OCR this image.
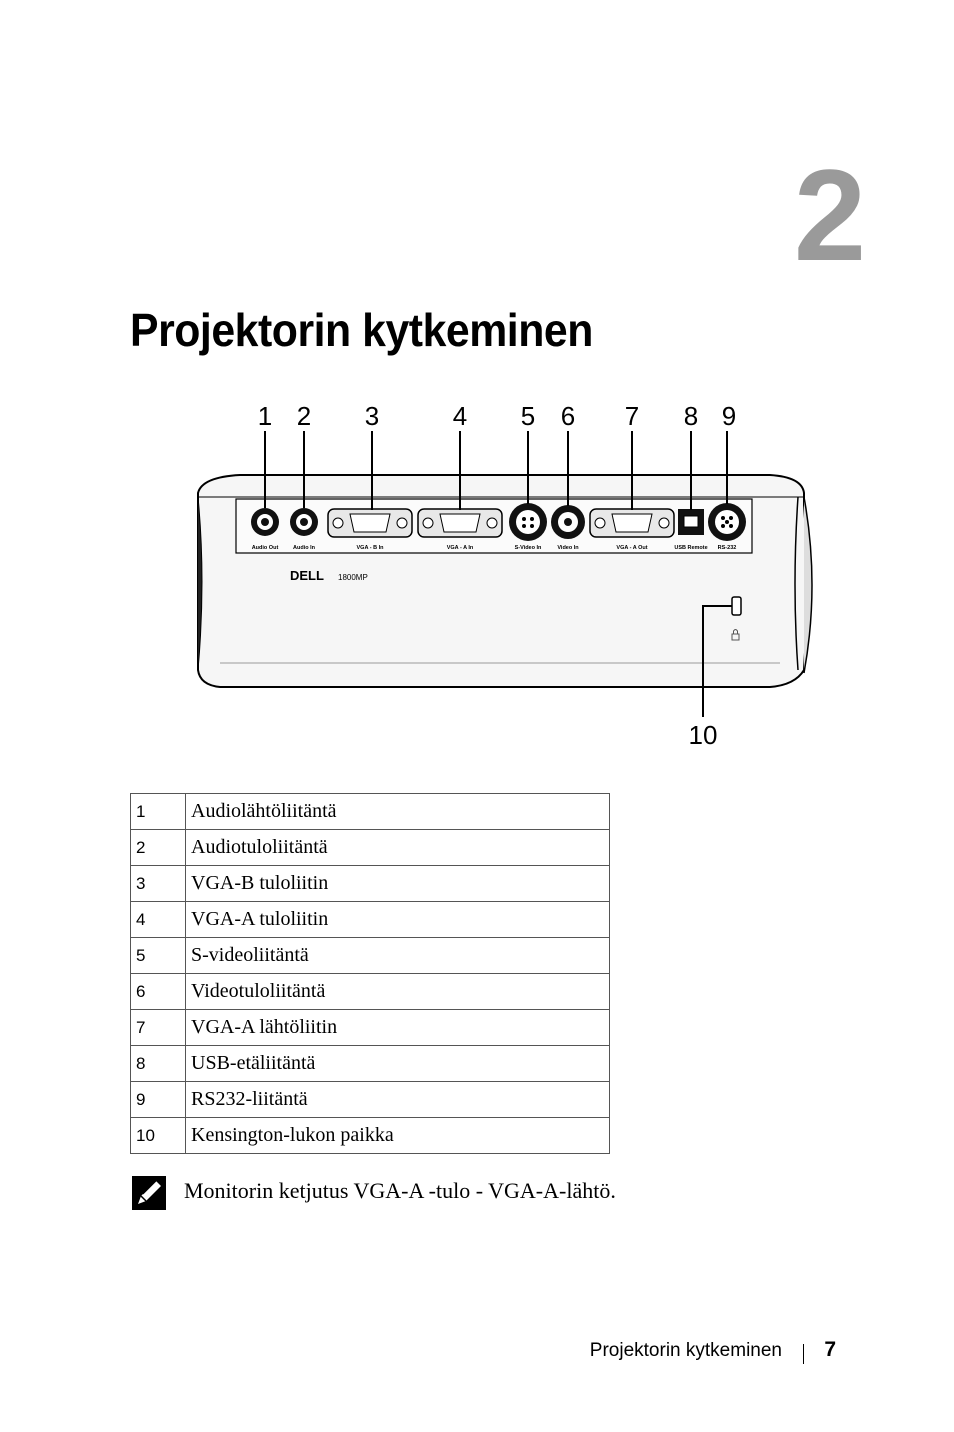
2
Projektorin kytkeminen
Audio Out	Audio In	VGA - B In	VGA - A In	S-Video In	Video In	VGA - A Out	USB Remote RS-232
DELL 1800MP
1 2 3	4 5 6 7 8 9
10
1	Audiolähtöliitäntä
2	Audiotuloliitäntä
3	VGA-B tuloliitin
4	VGA-A tuloliitin
5	S-videoliitäntä
6	Videotuloliitäntä
7	VGA-A lähtöliitin
8	USB-etäliitäntä
9	RS232-liitäntä
10	Kensington-lukon paikka
Monitorin ketjutus VGA-A -tulo - VGA-A-lähtö.
Projektorin kytkeminen 7
